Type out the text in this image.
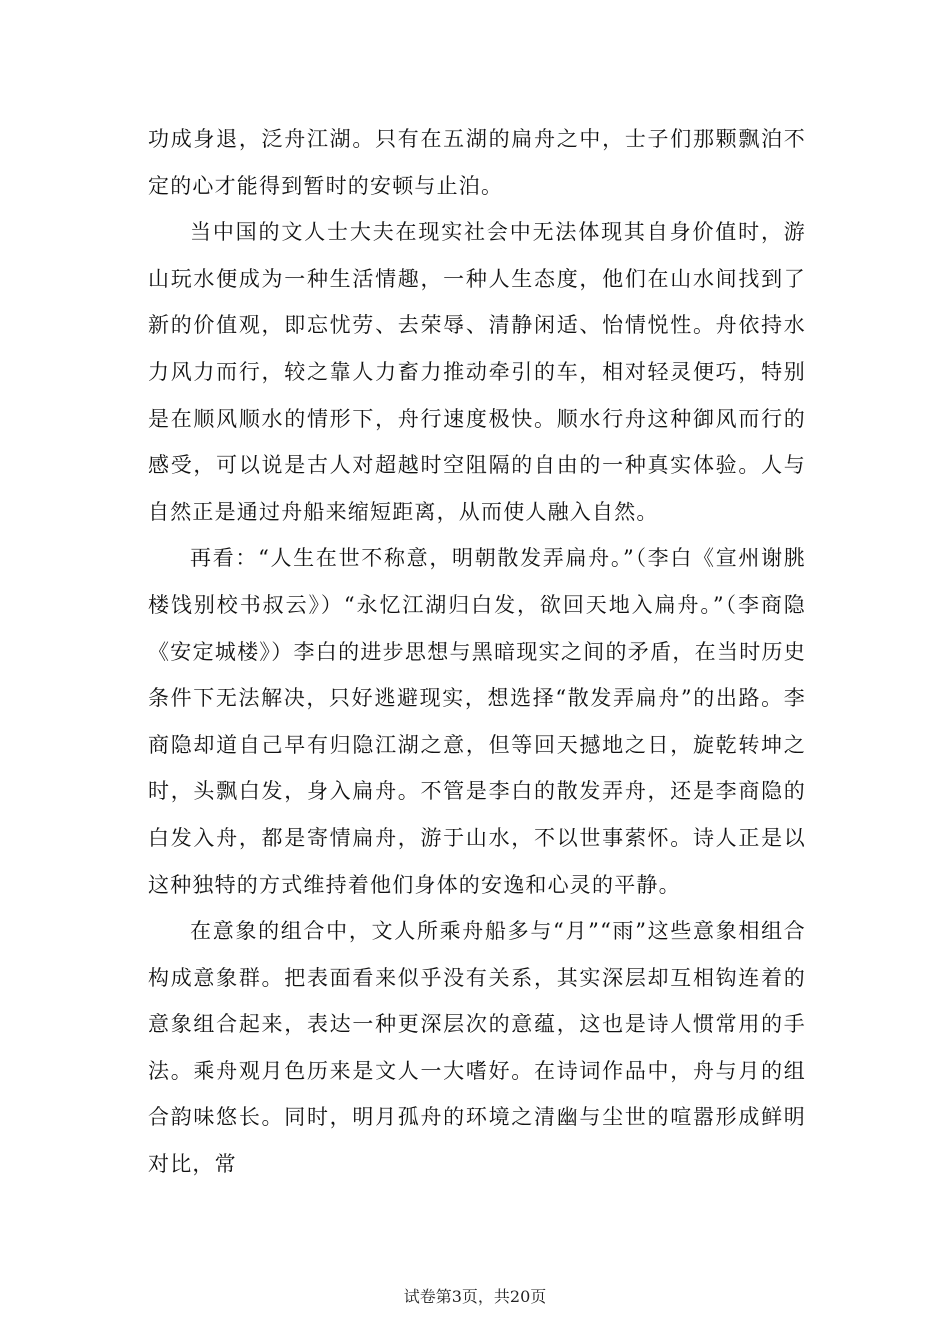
功成身退，泛舟江湖。只有在五湖的扁舟之中，士子们那颗飘泊不定的心才能得到暂时的安顿与止泊。

当中国的文人士大夫在现实社会中无法体现其自身价值时，游山玩水便成为一种生活情趣，一种人生态度，他们在山水间找到了新的价值观，即忘忧劳、去荣辱、清静闲适、怡情悦性。舟依持水力风力而行，较之靠人力畜力推动牵引的车，相对轻灵便巧，特别是在顺风顺水的情形下，舟行速度极快。顺水行舟这种御风而行的感受，可以说是古人对超越时空阻隔的自由的一种真实体验。人与自然正是通过舟船来缩短距离，从而使人融入自然。

再看：“人生在世不称意，明朝散发弄扁舟。”（李白《宣州谢朓楼饯别校书叔云》）“永忆江湖归白发，欲回天地入扁舟。”（李商隐《安定城楼》）李白的进步思想与黑暗现实之间的矛盾，在当时历史条件下无法解决，只好逃避现实，想选择“散发弄扁舟”的出路。李商隐却道自己早有归隐江湖之意，但等回天撼地之日，旋乾转坤之时，头飘白发，身入扁舟。不管是李白的散发弄舟，还是李商隐的白发入舟，都是寄情扁舟，游于山水，不以世事萦怀。诗人正是以这种独特的方式维持着他们身体的安逸和心灵的平静。

在意象的组合中，文人所乘舟船多与“月”“雨”这些意象相组合构成意象群。把表面看来似乎没有关系，其实深层却互相钩连着的意象组合起来，表达一种更深层次的意蕴，这也是诗人惯常用的手法。乘舟观月色历来是文人一大嗜好。在诗词作品中，舟与月的组合韵味悠长。同时，明月孤舟的环境之清幽与尘世的喧嚣形成鲜明对比，常

试卷第3页，共20页
